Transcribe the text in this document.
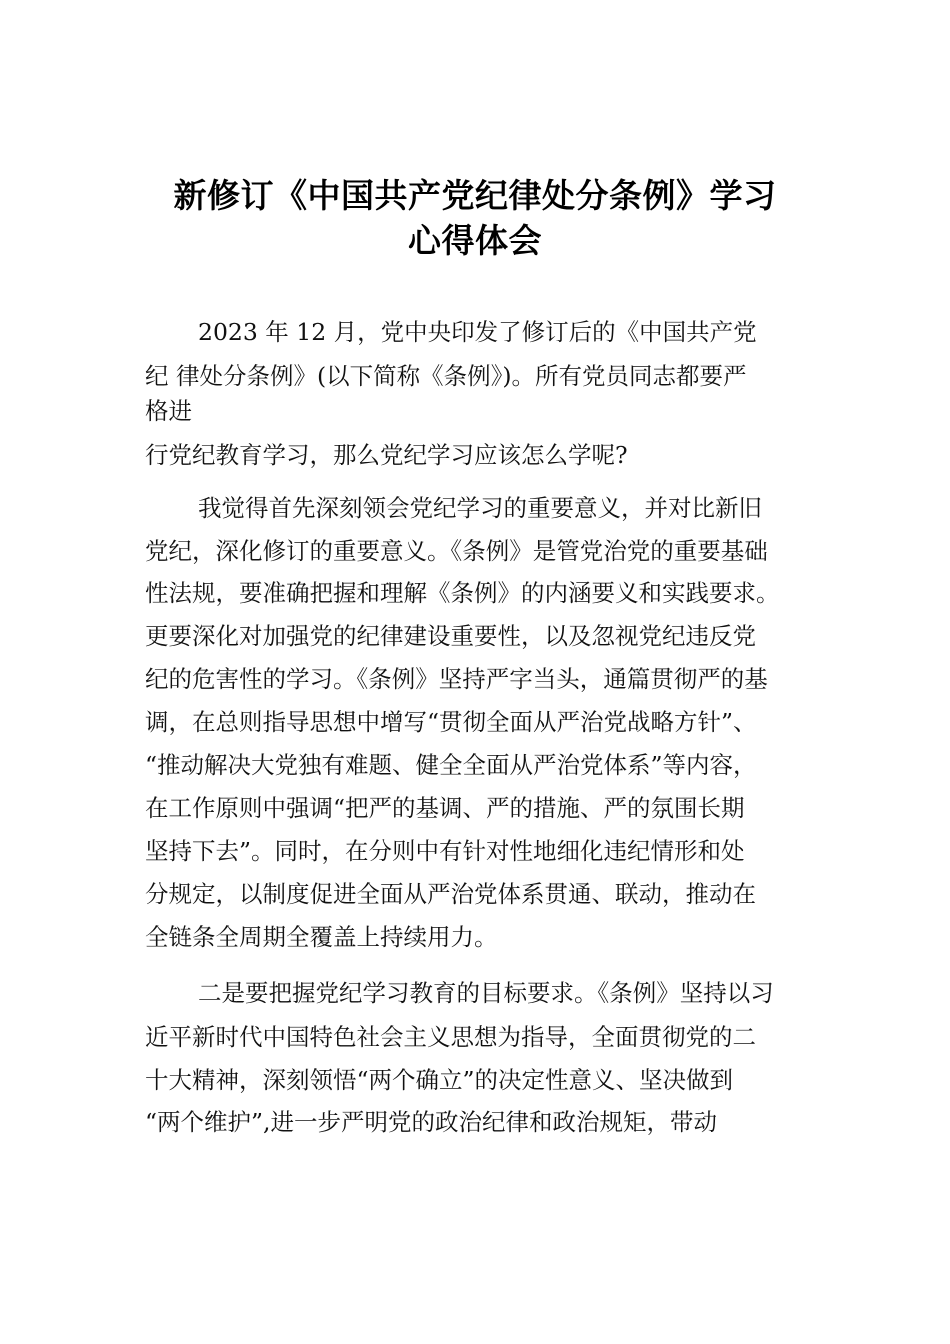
新修订《中国共产党纪律处分条例》学习
心得体会
2023 年 12 月，党中央印发了修订后的《中国共产党
纪 律处分条例》(以下简称《条例》)。所有党员同志都要严
格进
行党纪教育学习，那么党纪学习应该怎么学呢?
我觉得首先深刻领会党纪学习的重要意义，并对比新旧
党纪，深化修订的重要意义。《条例》是管党治党的重要基础
性法规，要准确把握和理解《条例》的内涵要义和实践要求。
更要深化对加强党的纪律建设重要性，以及忽视党纪违反党
纪的危害性的学习。《条例》坚持严字当头，通篇贯彻严的基
调，在总则指导思想中增写“贯彻全面从严治党战略方针”、
“推动解决大党独有难题、健全全面从严治党体系”等内容，
在工作原则中强调“把严的基调、严的措施、严的氛围长期
坚持下去”。同时，在分则中有针对性地细化违纪情形和处
分规定，以制度促进全面从严治党体系贯通、联动，推动在
全链条全周期全覆盖上持续用力。
二是要把握党纪学习教育的目标要求。《条例》坚持以习
近平新时代中国特色社会主义思想为指导，全面贯彻党的二
十大精神，深刻领悟“两个确立”的决定性意义、坚决做到
“两个维护”,进一步严明党的政治纪律和政治规矩，带动
